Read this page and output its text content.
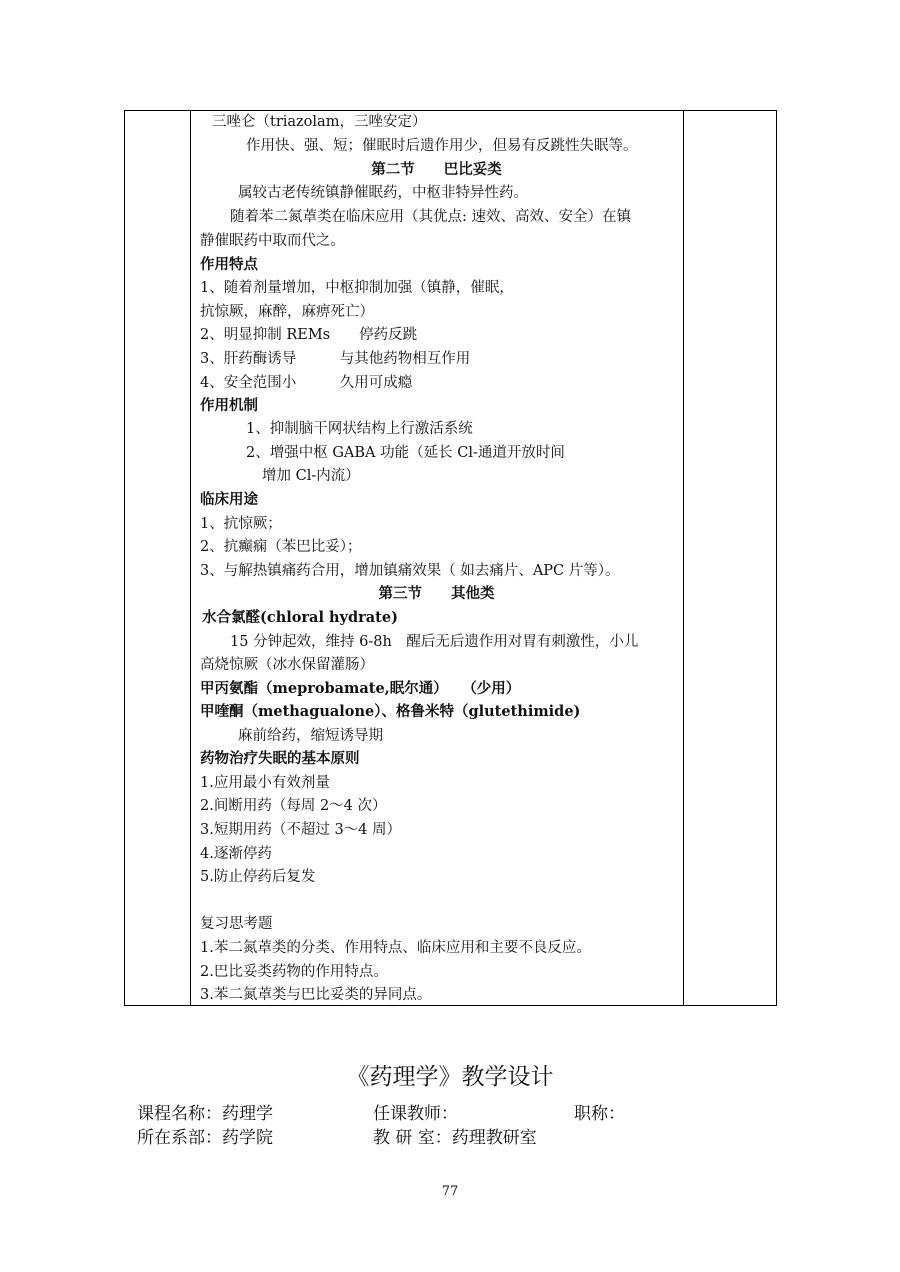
三唑仑（triazolam，三唑安定）
作用快、强、短；催眠时后遗作用少，但易有反跳性失眠等。
第二节　　巴比妥类
属较古老传统镇静催眠药，中枢非特异性药。
随着苯二氮䓬类在临床应用（其优点: 速效、高效、安全）在镇
静催眠药中取而代之。
作用特点
1、随着剂量增加，中枢抑制加强（镇静，催眠，
抗惊厥，麻醉，麻痹死亡）
2、明显抑制 REMs　　停药反跳
3、肝药酶诱导　　　与其他药物相互作用
4、安全范围小　　　久用可成瘾
作用机制
1、抑制脑干网状结构上行激活系统
2、增强中枢 GABA 功能（延长 Cl-通道开放时间
增加 Cl-内流）
临床用途
1、抗惊厥；
2、抗癫痫（苯巴比妥）；
3、与解热镇痛药合用，增加镇痛效果（ 如去痛片、APC 片等）。
第三节　　其他类
水合氯醛(chloral hydrate)
15 分钟起效，维持 6-8h　醒后无后遗作用对胃有刺激性，小儿
高烧惊厥（冰水保留灌肠）
甲丙氨酯（meprobamate,眠尔通）　　（少用）
甲喹酮（methagualone）、格鲁米特（glutethimide)
麻前给药，缩短诱导期
药物治疗失眠的基本原则
1.应用最小有效剂量
2.间断用药（每周 2～4 次）
3.短期用药（不超过 3～4 周）
4.逐渐停药
5.防止停药后复发
复习思考题
1.苯二氮䓬类的分类、作用特点、临床应用和主要不良反应。
2.巴比妥类药物的作用特点。
3.苯二氮䓬类与巴比妥类的异同点。
《药理学》教学设计
课程名称：药理学	任课教师：	职称：
所在系部：药学院	教 研 室：药理教研室
77
